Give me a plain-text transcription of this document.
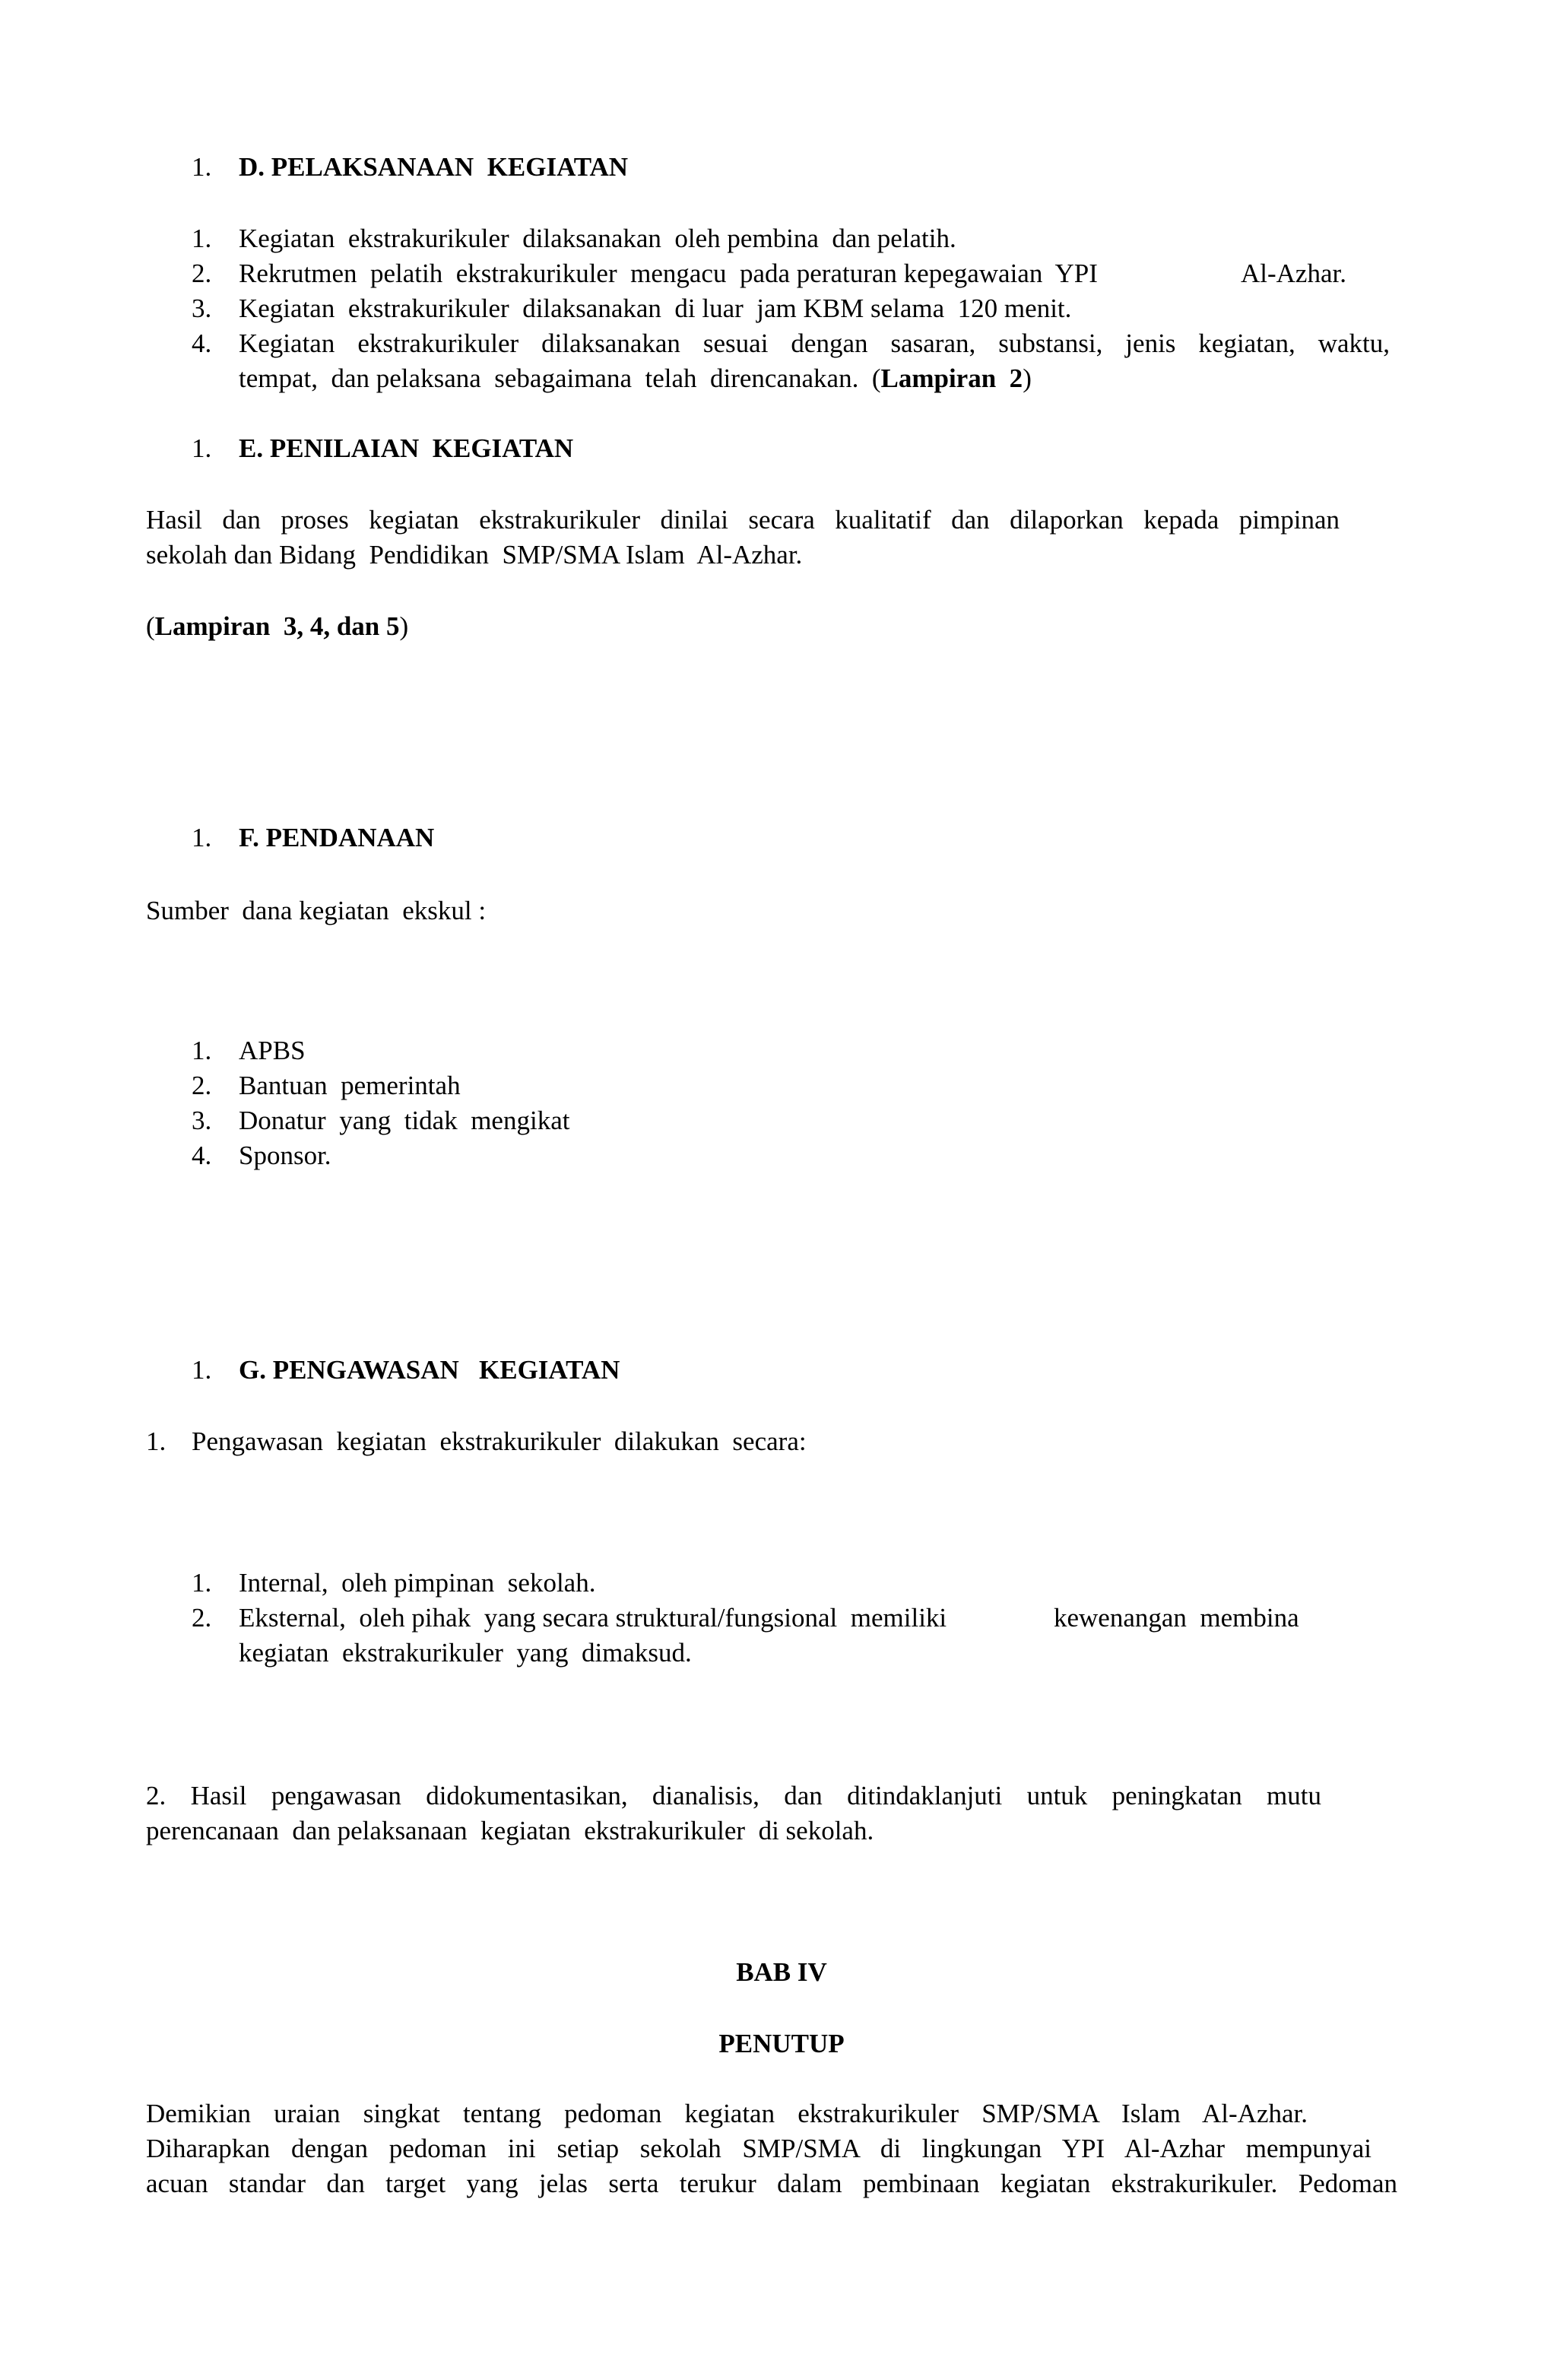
1. D. PELAKSANAAN  KEGIATAN
1. Kegiatan  ekstrakurikuler  dilaksanakan  oleh pembina  dan pelatih.
2. Rekrutmen  pelatih  ekstrakurikuler  mengacu  pada peraturan kepegawaian  YPI	Al-Azhar.
3. Kegiatan  ekstrakurikuler  dilaksanakan  di luar  jam KBM selama  120 menit.
4. Kegiatan ekstrakurikuler dilaksanakan sesuai dengan sasaran, substansi, jenis kegiatan, waktu,
tempat,  dan pelaksana  sebagaimana  telah  direncanakan.  (Lampiran  2)
1. E. PENILAIAN  KEGIATAN
Hasil dan proses kegiatan ekstrakurikuler dinilai secara kualitatif dan dilaporkan kepada pimpinan
sekolah dan Bidang  Pendidikan  SMP/SMA Islam  Al-Azhar.
(Lampiran  3, 4, dan 5)
1. F. PENDANAAN
Sumber  dana kegiatan  ekskul :
1. APBS
2. Bantuan  pemerintah
3. Donatur  yang  tidak  mengikat
4. Sponsor.
1. G. PENGAWASAN   KEGIATAN
1. Pengawasan  kegiatan  ekstrakurikuler  dilakukan  secara:
1. Internal,  oleh pimpinan  sekolah.
2. Eksternal,  oleh pihak  yang secara struktural/fungsional  memiliki	kewenangan  membina
kegiatan  ekstrakurikuler  yang  dimaksud.
2. Hasil pengawasan didokumentasikan, dianalisis, dan ditindaklanjuti untuk peningkatan mutu
perencanaan  dan pelaksanaan  kegiatan  ekstrakurikuler  di sekolah.
BAB IV
PENUTUP
Demikian uraian singkat tentang pedoman kegiatan ekstrakurikuler SMP/SMA Islam Al-Azhar.
Diharapkan dengan pedoman ini setiap sekolah SMP/SMA di lingkungan YPI Al-Azhar mempunyai
acuan standar dan target yang jelas serta terukur dalam pembinaan kegiatan ekstrakurikuler. Pedoman
